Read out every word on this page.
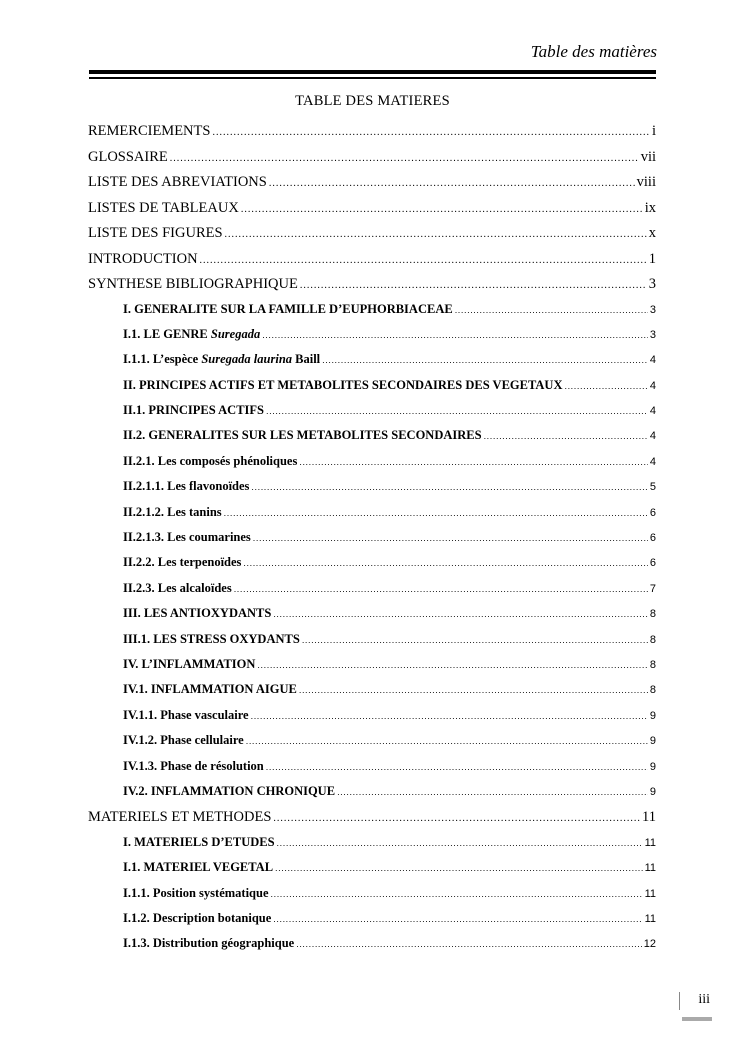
Table des matières
TABLE DES MATIERES
REMERCIEMENTS .....	i
GLOSSAIRE .....	vii
LISTE DES ABREVIATIONS .....	viii
LISTES DE TABLEAUX .....	ix
LISTE DES FIGURES .....	x
INTRODUCTION .....	1
SYNTHESE BIBLIOGRAPHIQUE .....	3
I. GENERALITE SUR LA FAMILLE D’EUPHORBIACEAE .....	3
I.1. LE GENRE Suregada .....	3
I.1.1. L’espèce Suregada laurina Baill .....	4
II. PRINCIPES ACTIFS ET METABOLITES SECONDAIRES DES VEGETAUX .....	4
II.1. PRINCIPES ACTIFS .....	4
II.2. GENERALITES SUR LES METABOLITES SECONDAIRES .....	4
II.2.1. Les composés phénoliques .....	4
II.2.1.1. Les flavonoïdes .....	5
II.2.1.2. Les tanins .....	6
II.2.1.3. Les coumarines .....	6
II.2.2. Les terpenoïdes .....	6
II.2.3. Les alcaloïdes .....	7
III. LES ANTIOXYDANTS .....	8
III.1. LES STRESS OXYDANTS .....	8
IV. L’INFLAMMATION .....	8
IV.1. INFLAMMATION AIGUE .....	8
IV.1.1. Phase vasculaire .....	9
IV.1.2. Phase cellulaire .....	9
IV.1.3. Phase de résolution .....	9
IV.2. INFLAMMATION CHRONIQUE .....	9
MATERIELS ET METHODES .....	11
I. MATERIELS D’ETUDES .....	11
I.1. MATERIEL VEGETAL .....	11
I.1.1. Position systématique .....	11
I.1.2. Description botanique .....	11
I.1.3. Distribution géographique .....	12
iii
